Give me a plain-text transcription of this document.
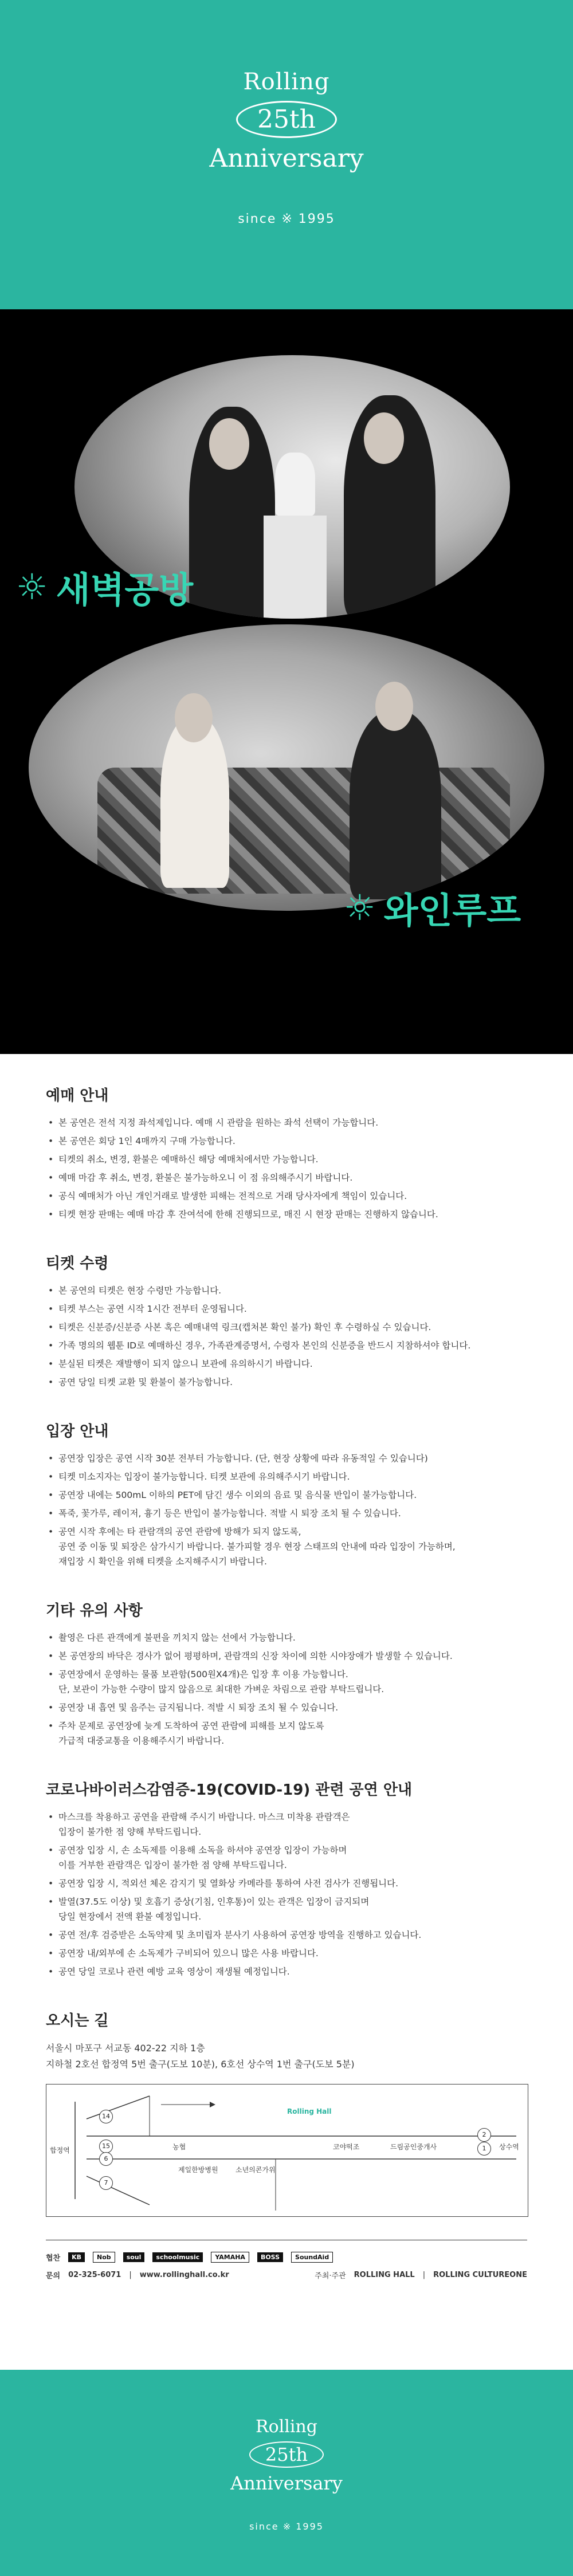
Rolling
25th
Anniversary
since ※ 1995
☼ 새벽공방
☼ 와인루프
예매 안내
• 본 공연은 전석 지정 좌석제입니다. 예매 시 관람을 원하는 좌석 선택이 가능합니다.
• 본 공연은 회당 1인 4매까지 구매 가능합니다.
• 티켓의 취소, 변경, 환불은 예매하신 해당 예매처에서만 가능합니다.
• 예매 마감 후 취소, 변경, 환불은 불가능하오니 이 점 유의해주시기 바랍니다.
• 공식 예매처가 아닌 개인거래로 발생한 피해는 전적으로 거래 당사자에게 책임이 있습니다.
• 티켓 현장 판매는 예매 마감 후 잔여석에 한해 진행되므로, 매진 시 현장 판매는 진행하지 않습니다.
티켓 수령
• 본 공연의 티켓은 현장 수령만 가능합니다.
• 티켓 부스는 공연 시작 1시간 전부터 운영됩니다.
• 티켓은 신분증/신분증 사본 혹은 예매내역 링크(캡처본 확인 불가) 확인 후 수령하실 수 있습니다.
• 가족 명의의 웹툰 ID로 예매하신 경우, 가족관계증명서, 수령자 본인의 신분증을 반드시 지참하셔야 합니다.
• 분실된 티켓은 재발행이 되지 않으니 보관에 유의하시기 바랍니다.
• 공연 당일 티켓 교환 및 환불이 불가능합니다.
입장 안내
• 공연장 입장은 공연 시작 30분 전부터 가능합니다. (단, 현장 상황에 따라 유동적일 수 있습니다)
• 티켓 미소지자는 입장이 불가능합니다. 티켓 보관에 유의해주시기 바랍니다.
• 공연장 내에는 500mL 이하의 PET에 담긴 생수 이외의 음료 및 음식물 반입이 불가능합니다.
• 폭죽, 꽃가루, 레이저, 흉기 등은 반입이 불가능합니다. 적발 시 퇴장 조치 될 수 있습니다.
• 공연 시작 후에는 타 관람객의 공연 관람에 방해가 되지 않도록,
공연 중 이동 및 퇴장은 삼가시기 바랍니다. 불가피할 경우 현장 스태프의 안내에 따라 입장이 가능하며,
재입장 시 확인을 위해 티켓을 소지해주시기 바랍니다.
기타 유의 사항
• 촬영은 다른 관객에게 불편을 끼치지 않는 선에서 가능합니다.
• 본 공연장의 바닥은 경사가 없어 평평하며, 관람객의 신장 차이에 의한 시야장애가 발생할 수 있습니다.
• 공연장에서 운영하는 물품 보관함(500원X4개)은 입장 후 이용 가능합니다.
단, 보관이 가능한 수량이 많지 않음으로 최대한 가벼운 차림으로 관람 부탁드립니다.
• 공연장 내 흡연 및 음주는 금지됩니다. 적발 시 퇴장 조치 될 수 있습니다.
• 주차 문제로 공연장에 늦게 도착하여 공연 관람에 피해를 보지 않도록
가급적 대중교통을 이용해주시기 바랍니다.
코로나바이러스감염증-19(COVID-19) 관련 공연 안내
• 마스크를 착용하고 공연을 관람해 주시기 바랍니다. 마스크 미착용 관람객은
입장이 불가한 점 양해 부탁드립니다.
• 공연장 입장 시, 손 소독제를 이용해 소독을 하셔야 공연장 입장이 가능하며
이를 거부한 관람객은 입장이 불가한 점 양해 부탁드립니다.
• 공연장 입장 시, 적외선 체온 감지기 및 열화상 카메라를 통하여 사전 검사가 진행됩니다.
• 발열(37.5도 이상) 및 호흡기 증상(기침, 인후통)이 있는 관객은 입장이 금지되며
당일 현장에서 전액 환불 예정입니다.
• 공연 전/후 검증받은 소독약제 및 초미립자 분사기 사용하여 공연장 방역을 진행하고 있습니다.
• 공연장 내/외부에 손 소독제가 구비되어 있으니 많은 사용 바랍니다.
• 공연 당일 코로나 관련 예방 교육 영상이 재생될 예정입니다.
오시는 길
서울시 마포구 서교동 402-22 지하 1층
지하철 2호선 합정역 5번 출구(도보 10분), 6호선 상수역 1번 출구(도보 5분)
합정역	상수역
Rolling Hall
농협
제일한방병원	소년의콘가위
코야떡조	드림공인중개사
14
15
6
7
1
2
협찬	KB	Nob	soul	schoolmusic	YAMAHA	BOSS	SoundAid
문의 02-325-6071 | www.rollinghall.co.kr	주최·주관 ROLLING HALL | ROLLING CULTUREONE
Rolling
25th
Anniversary
since ※ 1995
